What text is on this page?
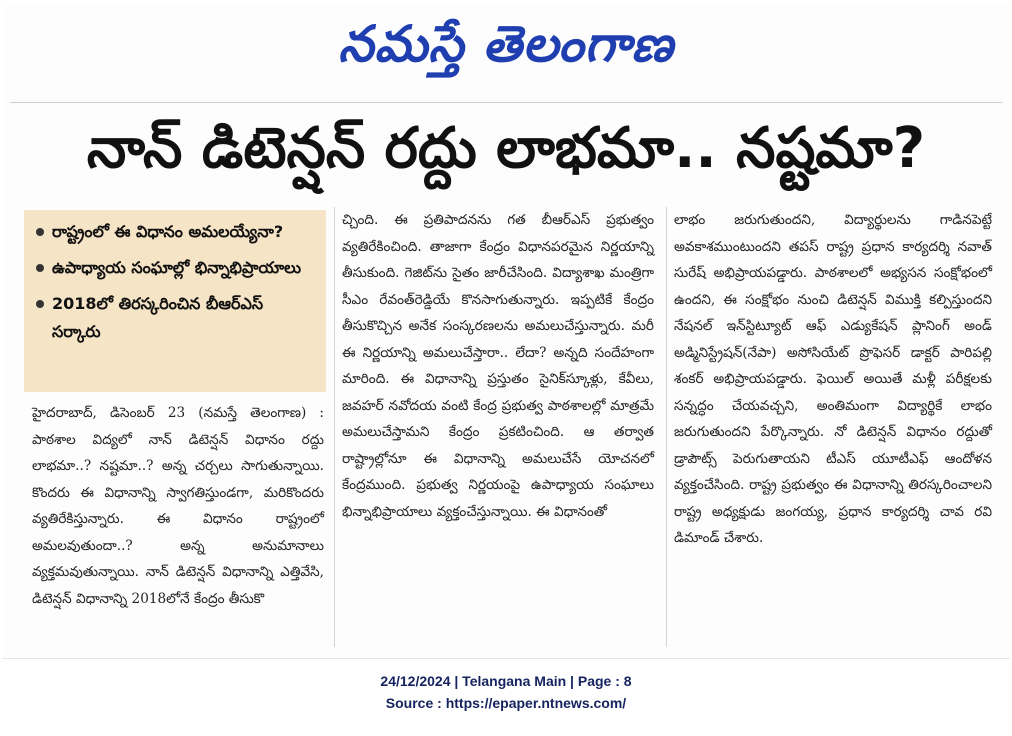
నమస్తే తెలంగాణ
నాన్ డిటెన్షన్ రద్దు లాభమా.. నష్టమా?
రాష్ట్రంలో ఈ విధానం అమలయ్యేనా?
ఉపాధ్యాయ సంఘాల్లో భిన్నాభిప్రాయాలు
2018లో తిరస్కరించిన బీఆర్ఎస్ సర్కారు
హైదరాబాద్, డిసెంబర్ 23 (నమస్తే తెలంగాణ) : పాఠశాల విద్యలో నాన్ డిటెన్షన్ విధానం రద్దు లాభమా..? నష్టమా..? అన్న చర్చలు సాగుతున్నాయి. కొందరు ఈ విధానాన్ని స్వాగతిస్తుండగా, మరికొందరు వ్యతిరేకిస్తున్నారు. ఈ విధానం రాష్ట్రంలో అమలవుతుందా..? అన్న అనుమానాలు వ్యక్తమవుతున్నాయి. నాన్ డిటెన్షన్ విధానాన్ని ఎత్తివేసి, డిటెన్షన్ విధానాన్ని 2018లోనే కేంద్రం తీసుకొ
చ్చింది. ఈ ప్రతిపాదనను గత బీఆర్ఎస్ ప్రభుత్వం వ్యతిరేకించింది. తాజాగా కేంద్రం విధానపరమైన నిర్ణయాన్ని తీసుకుంది. గెజిట్‌ను సైతం జారీచేసింది. విద్యాశాఖ మంత్రిగా సీఎం రేవంత్‌రెడ్డియే కొనసాగుతున్నారు. ఇప్పటికే కేంద్రం తీసుకొచ్చిన అనేక సంస్కరణలను అమలుచేస్తున్నారు. మరీ ఈ నిర్ణయాన్ని అమలుచేస్తారా.. లేదా? అన్నది సందేహంగా మారింది. ఈ విధానాన్ని ప్రస్తుతం సైనిక్‌స్కూళ్లు, కేవీలు, జవహర్ నవోదయ వంటి కేంద్ర ప్రభుత్వ పాఠశాలల్లో మాత్రమే అమలుచేస్తామని కేంద్రం ప్రకటించింది. ఆ తర్వాత రాష్ట్రాల్లోనూ ఈ విధానాన్ని అమలుచేసే యోచనలో కేంద్రముంది. ప్రభుత్వ నిర్ణయంపై ఉపాధ్యాయ సంఘాలు భిన్నాభిప్రాయాలు వ్యక్తంచేస్తున్నాయి. ఈ విధానంతో
లాభం జరుగుతుందని, విద్యార్థులను గాడినపెట్టే అవకాశముంటుందని తపస్ రాష్ట్ర ప్రధాన కార్యదర్శి నవాత్ సురేష్ అభిప్రాయపడ్డారు. పాఠశాలలో అభ్యసన సంక్షోభంలో ఉందని, ఈ సంక్షోభం నుంచి డిటెన్షన్ విముక్తి కల్పిస్తుందని నేషనల్ ఇన్‌స్టిట్యూట్ ఆఫ్ ఎడ్యుకేషన్ ప్లానింగ్ అండ్ అడ్మినిస్ట్రేషన్(నేపా) అసోసియేట్ ప్రొఫెసర్ డాక్టర్ పారిపల్లి శంకర్ అభిప్రాయపడ్డారు. ఫెయిల్ అయితే మళ్లీ పరీక్షలకు సన్నద్ధం చేయవచ్చని, అంతిమంగా విద్యార్థికే లాభం జరుగుతుందని పేర్కొన్నారు. నో డిటెన్షన్ విధానం రద్దుతో డ్రాపౌట్స్ పెరుగుతాయని టీఎస్ యూటీఎఫ్ ఆందోళన వ్యక్తంచేసింది. రాష్ట్ర ప్రభుత్వం ఈ విధానాన్ని తిరస్కరించాలని రాష్ట్ర అధ్యక్షుడు జంగయ్య, ప్రధాన కార్యదర్శి చావ రవి డిమాండ్ చేశారు.
24/12/2024 | Telangana Main | Page : 8
Source : https://epaper.ntnews.com/
